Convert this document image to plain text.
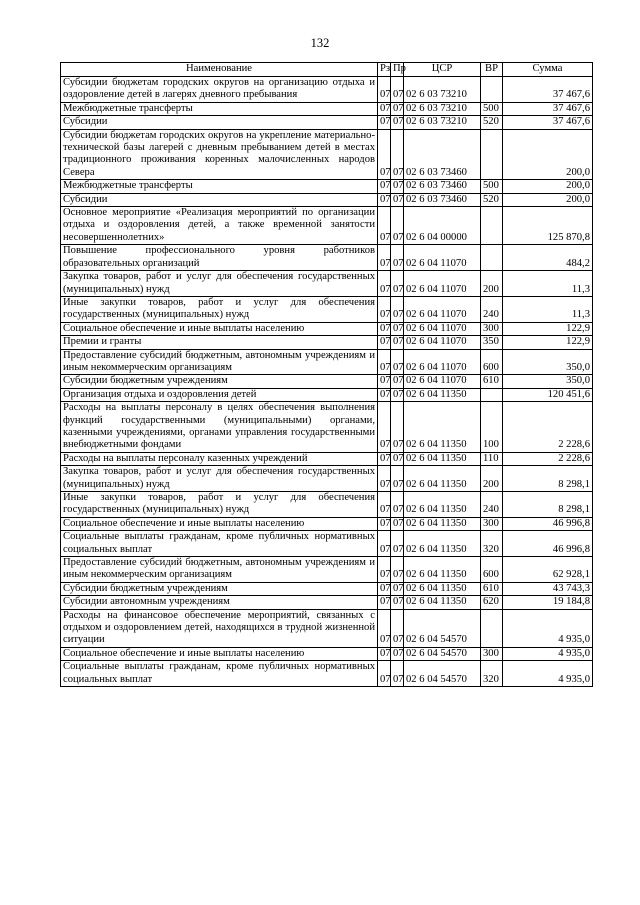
132
Наименование	Рз	Пр	ЦСР	ВР	Сумма
Субсидии бюджетам городских округов на организацию отдыха и оздоровление детей в лагерях дневного пребывания	07	07	02 6 03 73210		37 467,6
Межбюджетные трансферты	07	07	02 6 03 73210	500	37 467,6
Субсидии	07	07	02 6 03 73210	520	37 467,6
Субсидии бюджетам городских округов на укрепление материально-технической базы лагерей с дневным пребыванием детей в местах традиционного проживания коренных малочисленных народов Севера	07	07	02 6 03 73460		200,0
Межбюджетные трансферты	07	07	02 6 03 73460	500	200,0
Субсидии	07	07	02 6 03 73460	520	200,0
Основное мероприятие «Реализация мероприятий по организации отдыха и оздоровления детей, а также временной занятости несовершеннолетних»	07	07	02 6 04 00000		125 870,8
Повышение профессионального уровня работников образовательных организаций	07	07	02 6 04 11070		484,2
Закупка товаров, работ и услуг для обеспечения государственных (муниципальных) нужд	07	07	02 6 04 11070	200	11,3
Иные закупки товаров, работ и услуг для обеспечения государственных (муниципальных) нужд	07	07	02 6 04 11070	240	11,3
Социальное обеспечение и иные выплаты населению	07	07	02 6 04 11070	300	122,9
Премии и гранты	07	07	02 6 04 11070	350	122,9
Предоставление субсидий бюджетным, автономным учреждениям и иным некоммерческим организациям	07	07	02 6 04 11070	600	350,0
Субсидии бюджетным учреждениям	07	07	02 6 04 11070	610	350,0
Организация отдыха и оздоровления детей	07	07	02 6 04 11350		120 451,6
Расходы на выплаты персоналу в целях обеспечения выполнения функций государственными (муниципальными) органами, казенными учреждениями, органами управления государственными внебюджетными фондами	07	07	02 6 04 11350	100	2 228,6
Расходы на выплаты персоналу казенных учреждений	07	07	02 6 04 11350	110	2 228,6
Закупка товаров, работ и услуг для обеспечения государственных (муниципальных) нужд	07	07	02 6 04 11350	200	8 298,1
Иные закупки товаров, работ и услуг для обеспечения государственных (муниципальных) нужд	07	07	02 6 04 11350	240	8 298,1
Социальное обеспечение и иные выплаты населению	07	07	02 6 04 11350	300	46 996,8
Социальные выплаты гражданам, кроме публичных нормативных социальных выплат	07	07	02 6 04 11350	320	46 996,8
Предоставление субсидий бюджетным, автономным учреждениям и иным некоммерческим организациям	07	07	02 6 04 11350	600	62 928,1
Субсидии бюджетным учреждениям	07	07	02 6 04 11350	610	43 743,3
Субсидии автономным учреждениям	07	07	02 6 04 11350	620	19 184,8
Расходы на финансовое обеспечение мероприятий, связанных с отдыхом и оздоровлением детей, находящихся в трудной жизненной ситуации	07	07	02 6 04 54570		4 935,0
Социальное обеспечение и иные выплаты населению	07	07	02 6 04 54570	300	4 935,0
Социальные выплаты гражданам, кроме публичных нормативных социальных выплат	07	07	02 6 04 54570	320	4 935,0
